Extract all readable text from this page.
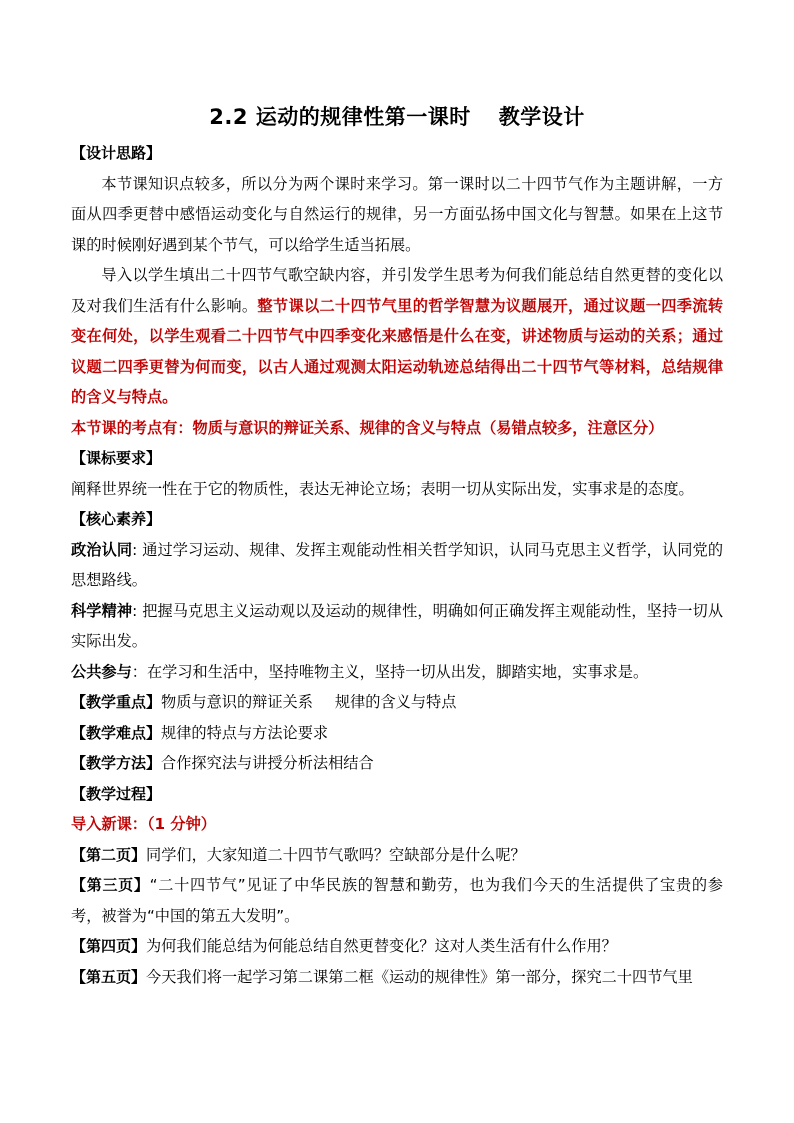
2.2 运动的规律性第一课时 教学设计

【设计思路】

本节课知识点较多，所以分为两个课时来学习。第一课时以二十四节气作为主题讲解，一方面从四季更替中感悟运动变化与自然运行的规律，另一方面弘扬中国文化与智慧。如果在上这节课的时候刚好遇到某个节气，可以给学生适当拓展。

导入以学生填出二十四节气歌空缺内容，并引发学生思考为何我们能总结自然更替的变化以及对我们生活有什么影响。整节课以二十四节气里的哲学智慧为议题展开，通过议题一四季流转变在何处，以学生观看二十四节气中四季变化来感悟是什么在变，讲述物质与运动的关系；通过议题二四季更替为何而变，以古人通过观测太阳运动轨迹总结得出二十四节气等材料，总结规律的含义与特点。

本节课的考点有：物质与意识的辩证关系、规律的含义与特点（易错点较多，注意区分）

【课标要求】

阐释世界统一性在于它的物质性，表达无神论立场；表明一切从实际出发，实事求是的态度。

【核心素养】

政治认同: 通过学习运动、规律、发挥主观能动性相关哲学知识，认同马克思主义哲学，认同党的思想路线。

科学精神: 把握马克思主义运动观以及运动的规律性，明确如何正确发挥主观能动性，坚持一切从实际出发。

公共参与：在学习和生活中，坚持唯物主义，坚持一切从出发，脚踏实地，实事求是。

【教学重点】物质与意识的辩证关系 规律的含义与特点

【教学难点】规律的特点与方法论要求

【教学方法】合作探究法与讲授分析法相结合

【教学过程】

导入新课：（1 分钟）

【第二页】同学们，大家知道二十四节气歌吗？空缺部分是什么呢？

【第三页】“二十四节气”见证了中华民族的智慧和勤劳，也为我们今天的生活提供了宝贵的参考，被誉为“中国的第五大发明”。

【第四页】为何我们能总结为何能总结自然更替变化？这对人类生活有什么作用？

【第五页】今天我们将一起学习第二课第二框《运动的规律性》第一部分，探究二十四节气里
